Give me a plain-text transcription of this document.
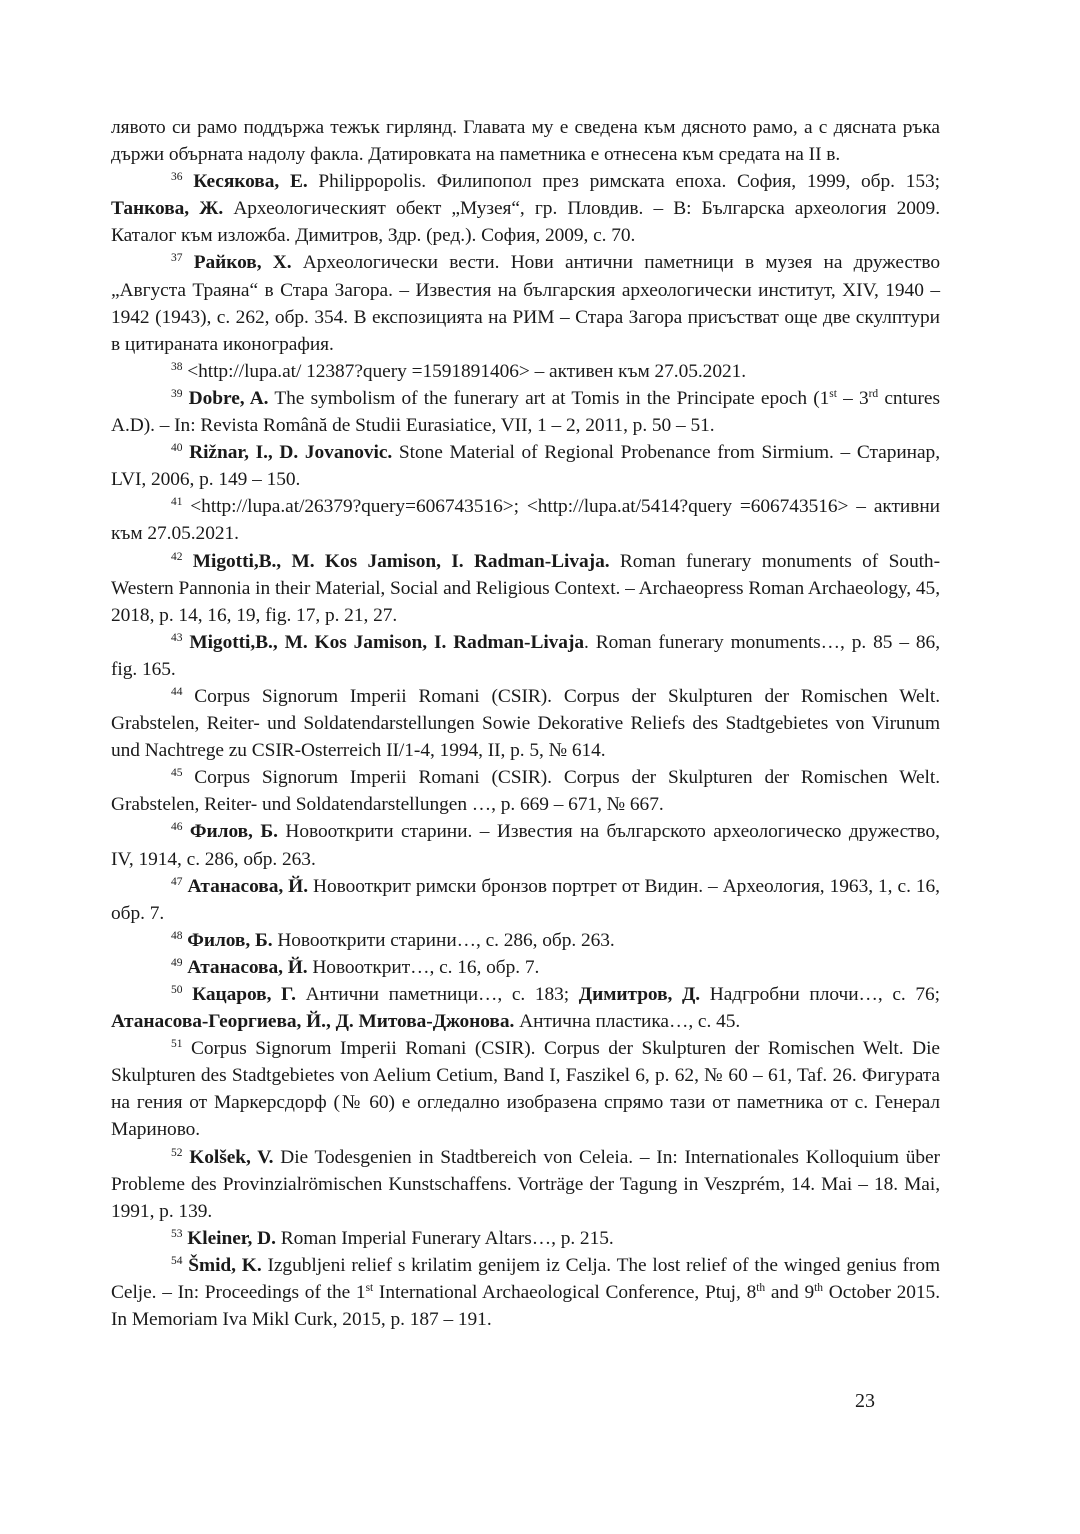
лявото си рамо поддържа тежък гирлянд. Главата му е сведена към дясното рамо, а с дясната ръка държи обърната надолу факла. Датировката на паметника е отнесена към средата на II в.

$^{36}$ Кесякова, Е. Philippopolis. Филипопол през римската епоха. София, 1999, обр. 153; Танкова, Ж. Археологическият обект „Музея“, гр. Пловдив. – В: Българска археология 2009. Каталог към изложба. Димитров, Здр. (ред.). София, 2009, с. 70.

$^{37}$ Райков, Х. Археологически вести. Нови антични паметници в музея на дружество „Августа Траяна“ в Стара Загора. – Известия на българския археологически институт, XIV, 1940 – 1942 (1943), с. 262, обр. 354. В експозицията на РИМ – Стара Загора присъстват още две скулптури в цитираната иконография.

$^{38}$ <http://lupa.at/ 12387?query =1591891406> – активен към 27.05.2021.

$^{39}$ Dobre, A. The symbolism of the funerary art at Tomis in the Principate epoch (1st – 3rd cntures A.D). – In: Revista Română de Studii Eurasiatice, VII, 1 – 2, 2011, p. 50 – 51.

$^{40}$ Rižnar, I., D. Jovanovic. Stone Material of Regional Probenance from Sirmium. – Старинар, LVI, 2006, p. 149 – 150.

$^{41}$ <http://lupa.at/26379?query=606743516>; <http://lupa.at/5414?query =606743516> – активни към 27.05.2021.

$^{42}$ Migotti,B., M. Kos Jamison, I. Radman-Livaja. Roman funerary monuments of South-Western Pannonia in their Material, Social and Religious Context. – Archaeopress Roman Archaeology, 45, 2018, p. 14, 16, 19, fig. 17, p. 21, 27.

$^{43}$ Migotti,B., M. Kos Jamison, I. Radman-Livaja. Roman funerary monuments…, p. 85 – 86, fig. 165.

$^{44}$ Corpus Signorum Imperii Romani (CSIR). Corpus der Skulpturen der Romischen Welt. Grabstelen, Reiter- und Soldatendarstellungen Sowie Dekorative Reliefs des Stadtgebietes von Virunum und Nachtrege zu CSIR-Osterreich II/1-4, 1994, II, p. 5, № 614.

$^{45}$ Corpus Signorum Imperii Romani (CSIR). Corpus der Skulpturen der Romischen Welt. Grabstelen, Reiter- und Soldatendarstellungen …, p. 669 – 671, № 667.

$^{46}$ Филов, Б. Новооткрити старини. – Известия на българското археологическо дружество, IV, 1914, с. 286, обр. 263.

$^{47}$ Атанасова, Й. Новооткрит римски бронзов портрет от Видин. – Археология, 1963, 1, с. 16, обр. 7.

$^{48}$ Филов, Б. Новооткрити старини…, с. 286, обр. 263.

$^{49}$ Атанасова, Й. Новооткрит…, с. 16, обр. 7.

$^{50}$ Кацаров, Г. Антични паметници…, с. 183; Димитров, Д. Надгробни плочи…, с. 76; Атанасова-Георгиева, Й., Д. Митова-Джонова. Антична пластика…, с. 45.

$^{51}$ Corpus Signorum Imperii Romani (CSIR). Corpus der Skulpturen der Romischen Welt. Die Skulpturen des Stadtgebietes von Aelium Cetium, Band I, Faszikel 6, p. 62, № 60 – 61, Taf. 26. Фигурата на гения от Маркерсдорф (№ 60) е огледално изобразена спрямо тази от паметника от с. Генерал Мариново.

$^{52}$ Kolšek, V. Die Todesgenien in Stadtbereich von Celeia. – In: Internationales Kolloquium über Probleme des Provinzialrömischen Kunstschaffens. Vorträge der Tagung in Veszprém, 14. Mai – 18. Mai, 1991, p. 139.

$^{53}$ Kleiner, D. Roman Imperial Funerary Altars…, p. 215.

$^{54}$ Šmid, K. Izgubljeni relief s krilatim genijem iz Celja. The lost relief of the winged genius from Celje. – In: Proceedings of the 1st International Archaeological Conference, Ptuj, 8th and 9th October 2015. In Memoriam Iva Mikl Curk, 2015, p. 187 – 191.

23
